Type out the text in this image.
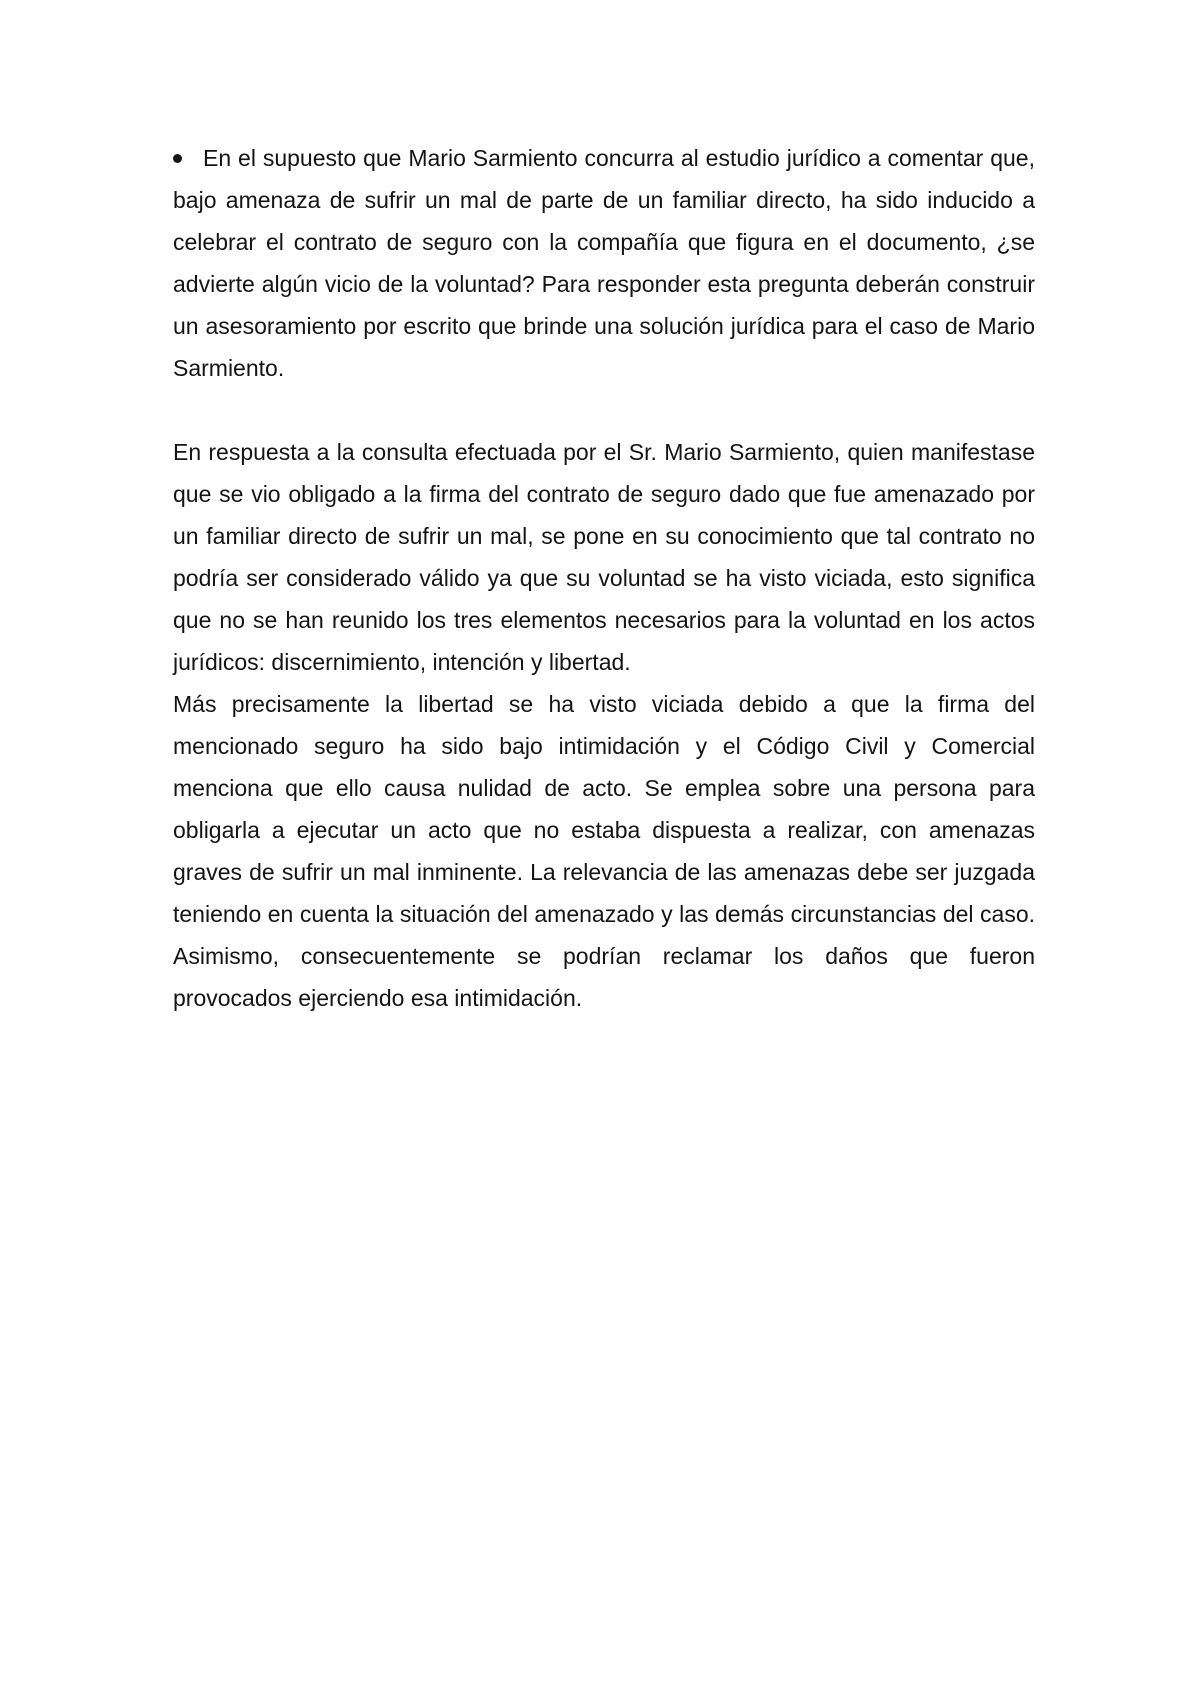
En el supuesto que Mario Sarmiento concurra al estudio jurídico a comentar que, bajo amenaza de sufrir un mal de parte de un familiar directo, ha sido inducido a celebrar el contrato de seguro con la compañía que figura en el documento, ¿se advierte algún vicio de la voluntad? Para responder esta pregunta deberán construir un asesoramiento por escrito que brinde una solución jurídica para el caso de Mario Sarmiento.

En respuesta a la consulta efectuada por el Sr. Mario Sarmiento, quien manifestase que se vio obligado a la firma del contrato de seguro dado que fue amenazado por un familiar directo de sufrir un mal, se pone en su conocimiento que tal contrato no podría ser considerado válido ya que su voluntad se ha visto viciada, esto significa que no se han reunido los tres elementos necesarios para la voluntad en los actos jurídicos: discernimiento, intención y libertad.

Más precisamente la libertad se ha visto viciada debido a que la firma del mencionado seguro ha sido bajo intimidación y el Código Civil y Comercial menciona que ello causa nulidad de acto. Se emplea sobre una persona para obligarla a ejecutar un acto que no estaba dispuesta a realizar, con amenazas graves de sufrir un mal inminente. La relevancia de las amenazas debe ser juzgada teniendo en cuenta la situación del amenazado y las demás circunstancias del caso. Asimismo, consecuentemente se podrían reclamar los daños que fueron provocados ejerciendo esa intimidación.
